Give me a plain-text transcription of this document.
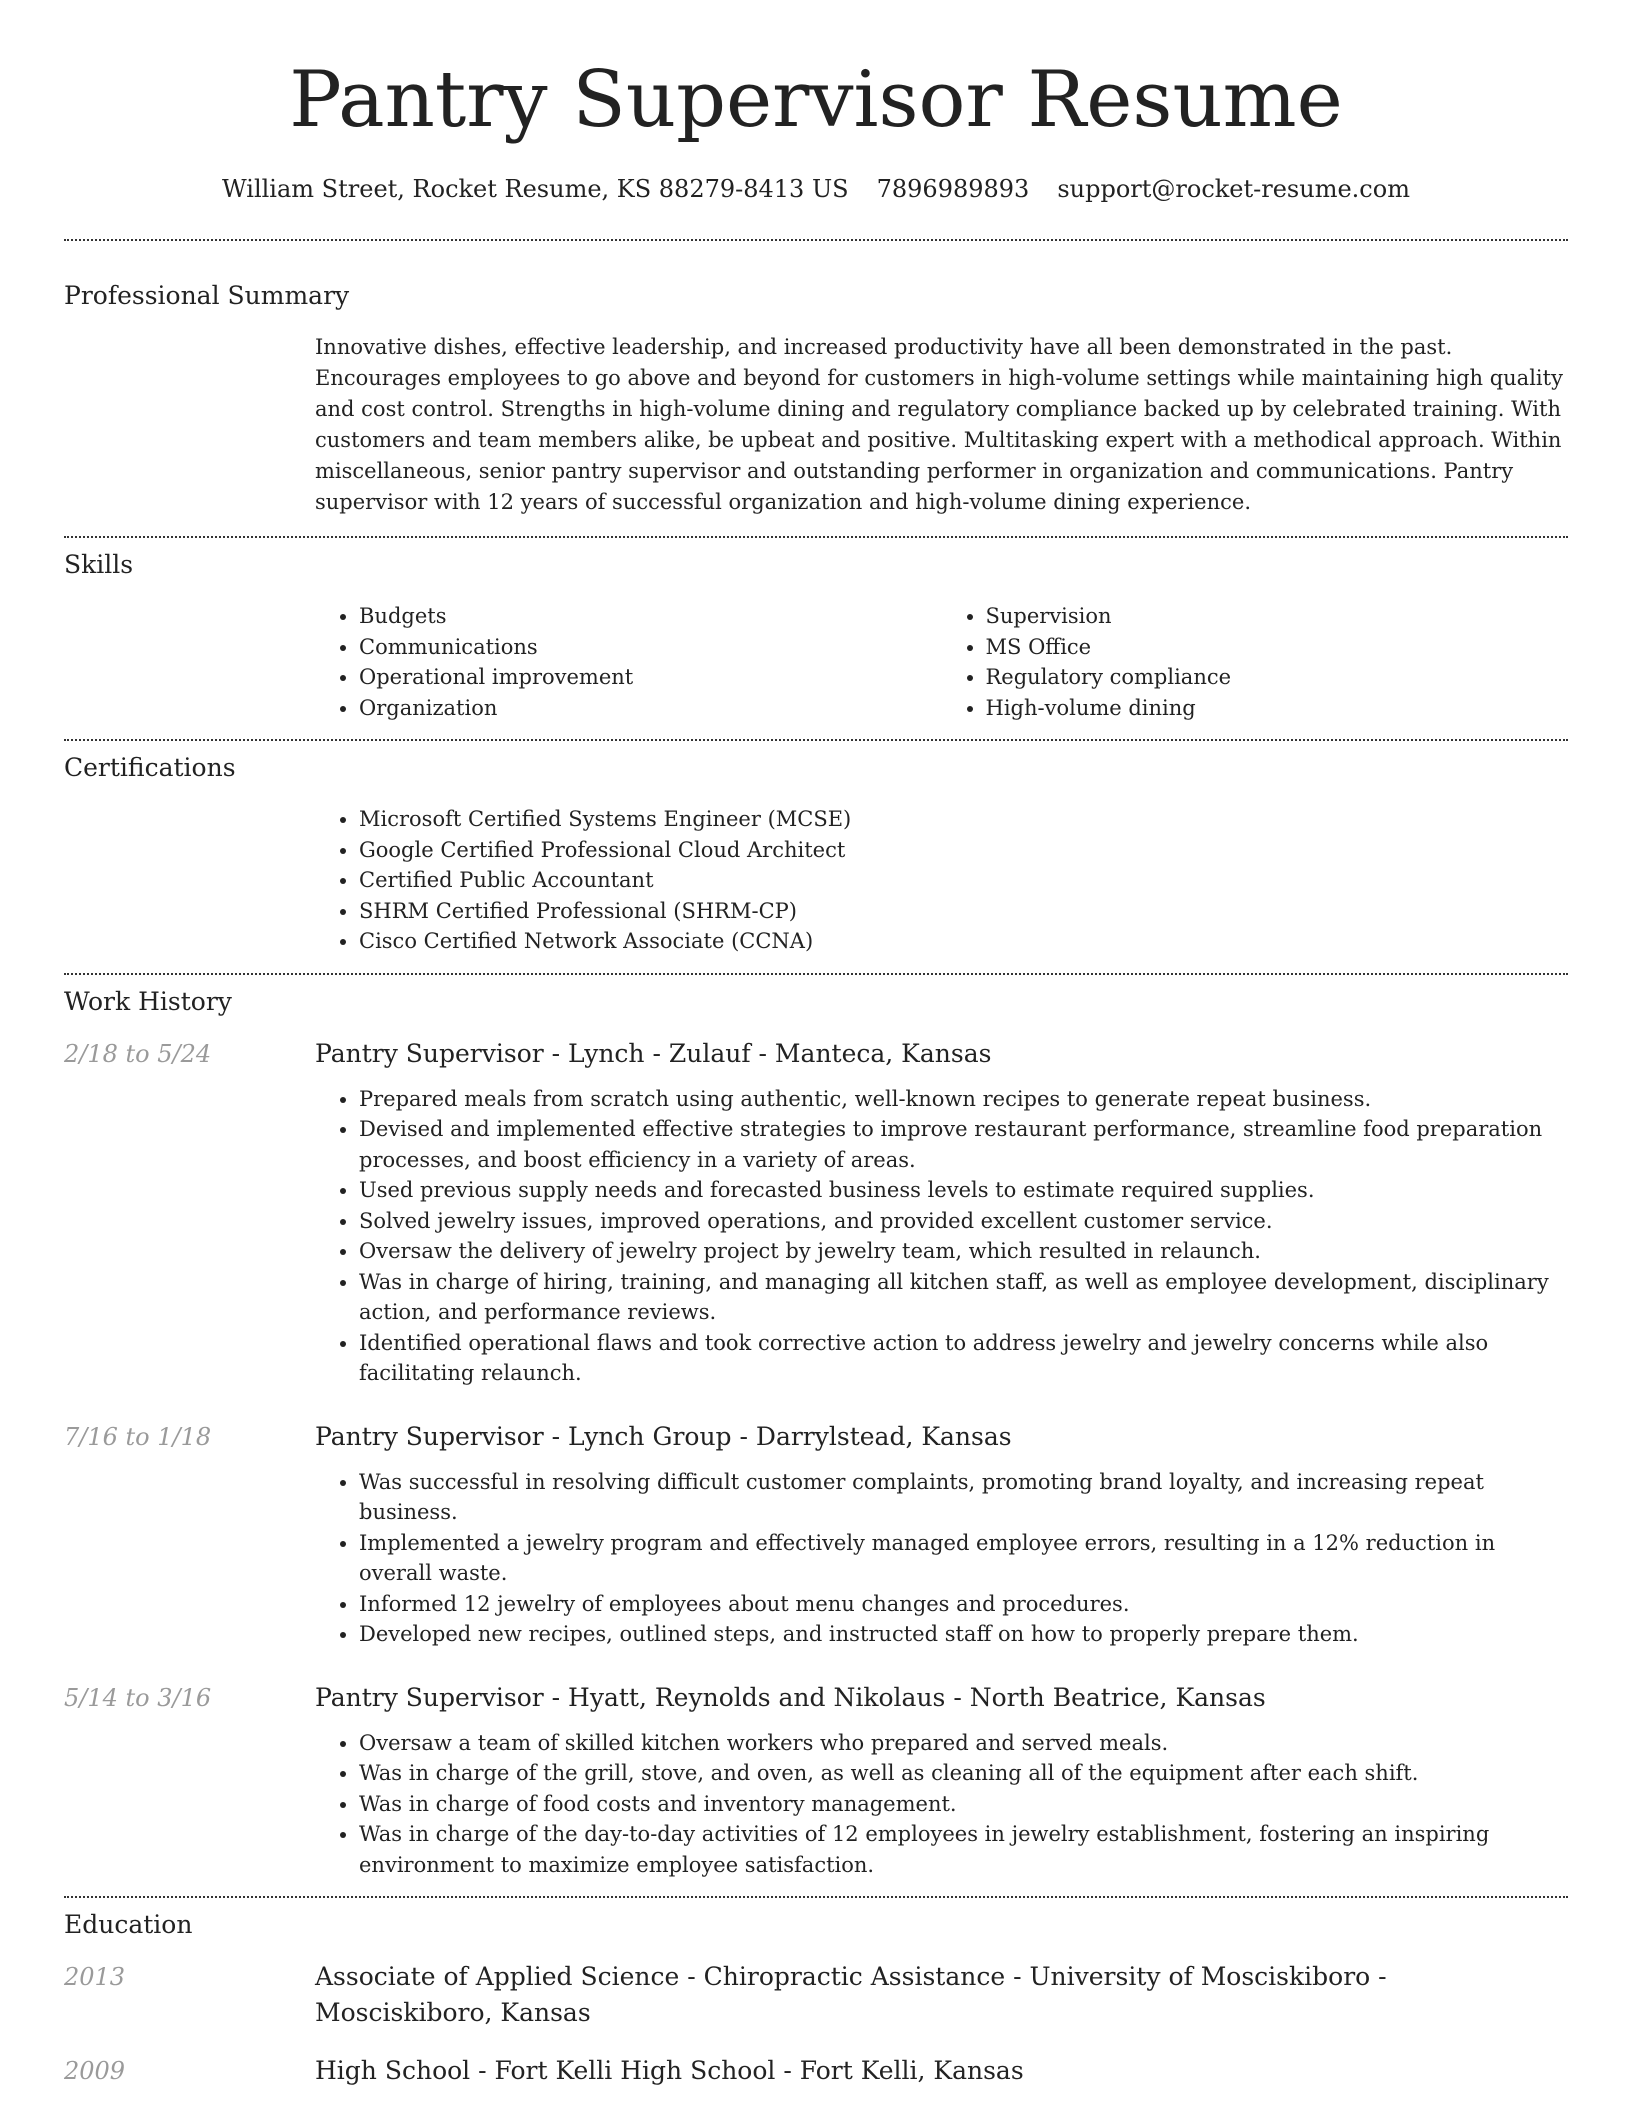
Pantry Supervisor Resume
William Street, Rocket Resume, KS 88279-8413 US 7896989893 support@rocket-resume.com
Professional Summary
Innovative dishes, effective leadership, and increased productivity have all been demonstrated in the past. Encourages employees to go above and beyond for customers in high-volume settings while maintaining high quality and cost control. Strengths in high-volume dining and regulatory compliance backed up by celebrated training. With customers and team members alike, be upbeat and positive. Multitasking expert with a methodical approach. Within miscellaneous, senior pantry supervisor and outstanding performer in organization and communications. Pantry supervisor with 12 years of successful organization and high-volume dining experience.
Skills
• Budgets
• Communications
• Operational improvement
• Organization
• Supervision
• MS Office
• Regulatory compliance
• High-volume dining
Certifications
• Microsoft Certified Systems Engineer (MCSE)
• Google Certified Professional Cloud Architect
• Certified Public Accountant
• SHRM Certified Professional (SHRM-CP)
• Cisco Certified Network Associate (CCNA)
Work History
2/18 to 5/24	Pantry Supervisor - Lynch - Zulauf - Manteca, Kansas
• Prepared meals from scratch using authentic, well-known recipes to generate repeat business.
• Devised and implemented effective strategies to improve restaurant performance, streamline food preparation processes, and boost efficiency in a variety of areas.
• Used previous supply needs and forecasted business levels to estimate required supplies.
• Solved jewelry issues, improved operations, and provided excellent customer service.
• Oversaw the delivery of jewelry project by jewelry team, which resulted in relaunch.
• Was in charge of hiring, training, and managing all kitchen staff, as well as employee development, disciplinary action, and performance reviews.
• Identified operational flaws and took corrective action to address jewelry and jewelry concerns while also facilitating relaunch.
7/16 to 1/18	Pantry Supervisor - Lynch Group - Darrylstead, Kansas
• Was successful in resolving difficult customer complaints, promoting brand loyalty, and increasing repeat business.
• Implemented a jewelry program and effectively managed employee errors, resulting in a 12% reduction in overall waste.
• Informed 12 jewelry of employees about menu changes and procedures.
• Developed new recipes, outlined steps, and instructed staff on how to properly prepare them.
5/14 to 3/16	Pantry Supervisor - Hyatt, Reynolds and Nikolaus - North Beatrice, Kansas
• Oversaw a team of skilled kitchen workers who prepared and served meals.
• Was in charge of the grill, stove, and oven, as well as cleaning all of the equipment after each shift.
• Was in charge of food costs and inventory management.
• Was in charge of the day-to-day activities of 12 employees in jewelry establishment, fostering an inspiring environment to maximize employee satisfaction.
Education
2013	Associate of Applied Science - Chiropractic Assistance - University of Mosciskiboro - Mosciskiboro, Kansas
2009	High School - Fort Kelli High School - Fort Kelli, Kansas
